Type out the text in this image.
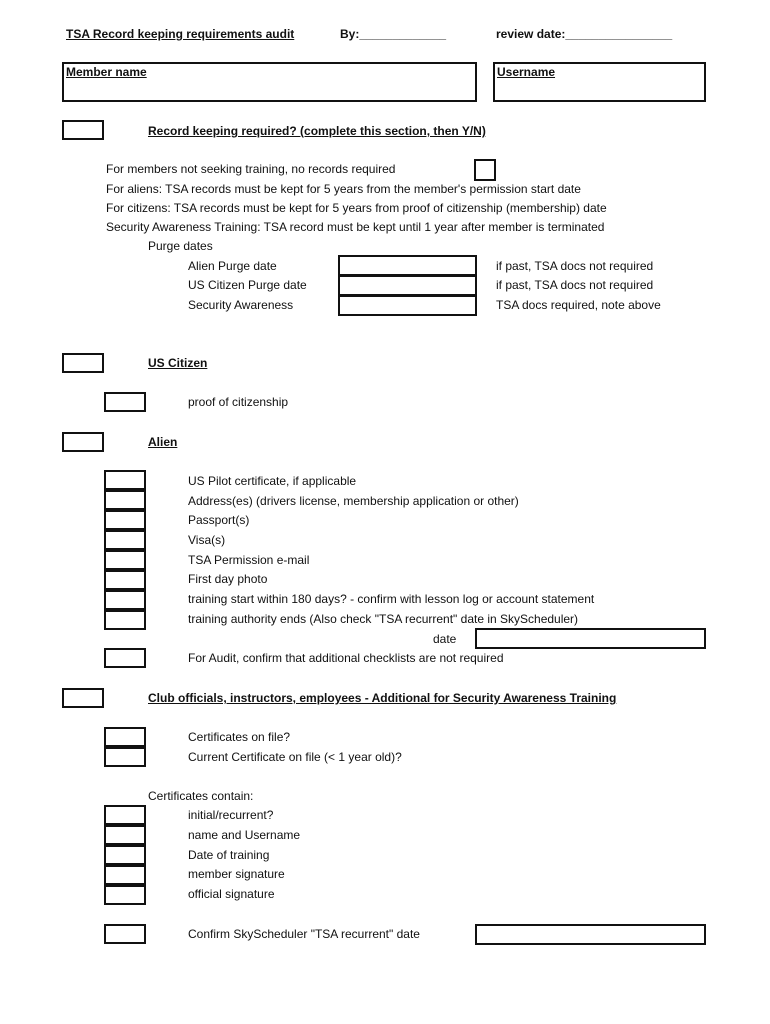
TSA Record keeping requirements audit	By:_____________	review date:________________
Member name	Username
Record keeping required? (complete this section, then Y/N)
For members not seeking training, no records required
For aliens: TSA records must be kept for 5 years from the member's permission start date
For citizens: TSA records must be kept for 5 years from proof of citizenship (membership) date
Security Awareness Training: TSA record must be kept until 1 year after member is terminated
Purge dates
Alien Purge date	if past, TSA docs not required
US Citizen Purge date	if past, TSA docs not required
Security Awareness	TSA docs required, note above
US Citizen
proof of citizenship
Alien
US Pilot certificate, if applicable
Address(es) (drivers license, membership application or other)
Passport(s)
Visa(s)
TSA Permission e-mail
First day photo
training start within 180 days? - confirm with lesson log or account statement
training authority ends (Also check "TSA recurrent" date in SkyScheduler)
date
For Audit, confirm that additional checklists are not required
Club officials, instructors, employees - Additional for Security Awareness Training
Certificates on file?
Current Certificate on file (< 1 year old)?
Certificates contain:
initial/recurrent?
name and Username
Date of training
member signature
official signature
Confirm SkyScheduler "TSA recurrent" date
